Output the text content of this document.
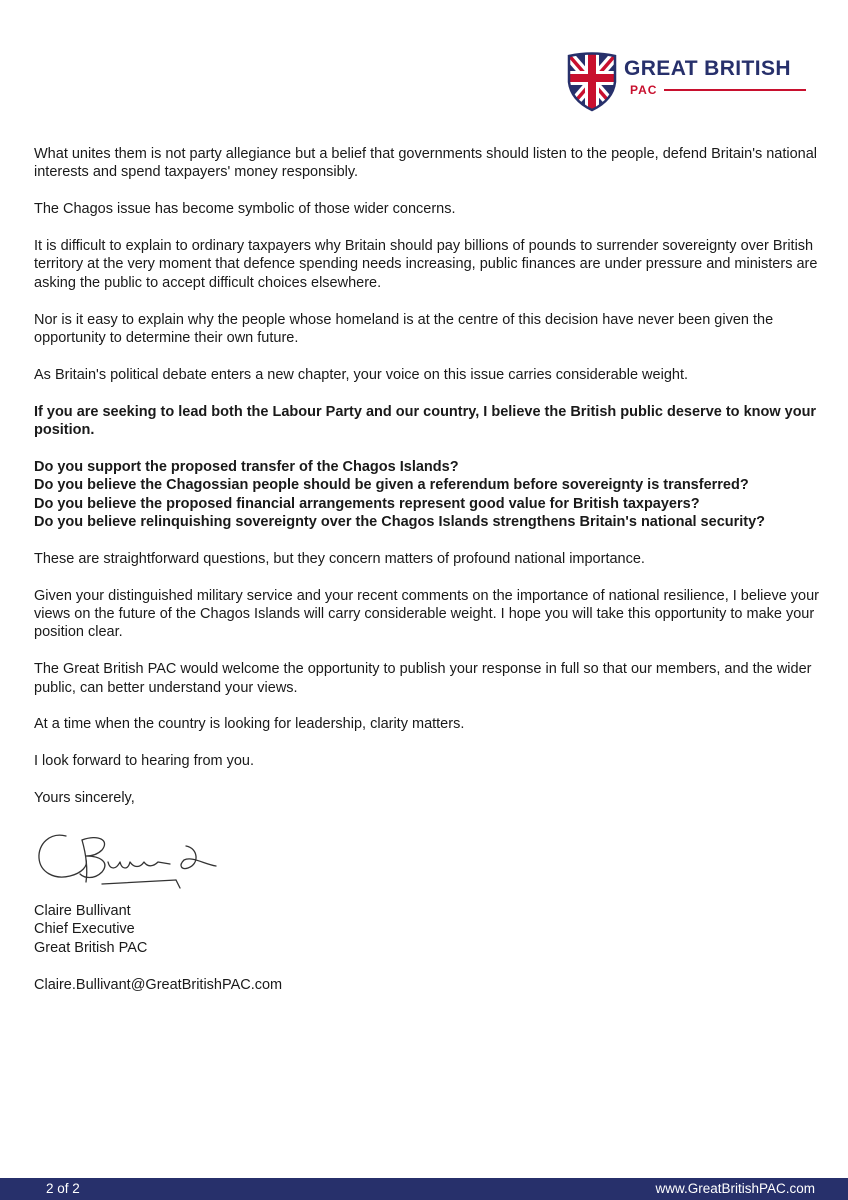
GREAT BRITISH
PAC

What unites them is not party allegiance but a belief that governments should listen to the people, defend Britain's national interests and spend taxpayers' money responsibly.

The Chagos issue has become symbolic of those wider concerns.

It is difficult to explain to ordinary taxpayers why Britain should pay billions of pounds to surrender sovereignty over British territory at the very moment that defence spending needs increasing, public finances are under pressure and ministers are asking the public to accept difficult choices elsewhere.

Nor is it easy to explain why the people whose homeland is at the centre of this decision have never been given the opportunity to determine their own future.

As Britain's political debate enters a new chapter, your voice on this issue carries considerable weight.

If you are seeking to lead both the Labour Party and our country, I believe the British public deserve to know your position.

Do you support the proposed transfer of the Chagos Islands?
Do you believe the Chagossian people should be given a referendum before sovereignty is transferred?
Do you believe the proposed financial arrangements represent good value for British taxpayers?
Do you believe relinquishing sovereignty over the Chagos Islands strengthens Britain's national security?

These are straightforward questions, but they concern matters of profound national importance.

Given your distinguished military service and your recent comments on the importance of national resilience, I believe your views on the future of the Chagos Islands will carry considerable weight. I hope you will take this opportunity to make your position clear.

The Great British PAC would welcome the opportunity to publish your response in full so that our members, and the wider public, can better understand your views.

At a time when the country is looking for leadership, clarity matters.

I look forward to hearing from you.

Yours sincerely,

Claire Bullivant
Chief Executive
Great British PAC
Claire.Bullivant@GreatBritishPAC.com
2 of 2	www.GreatBritishPAC.com
